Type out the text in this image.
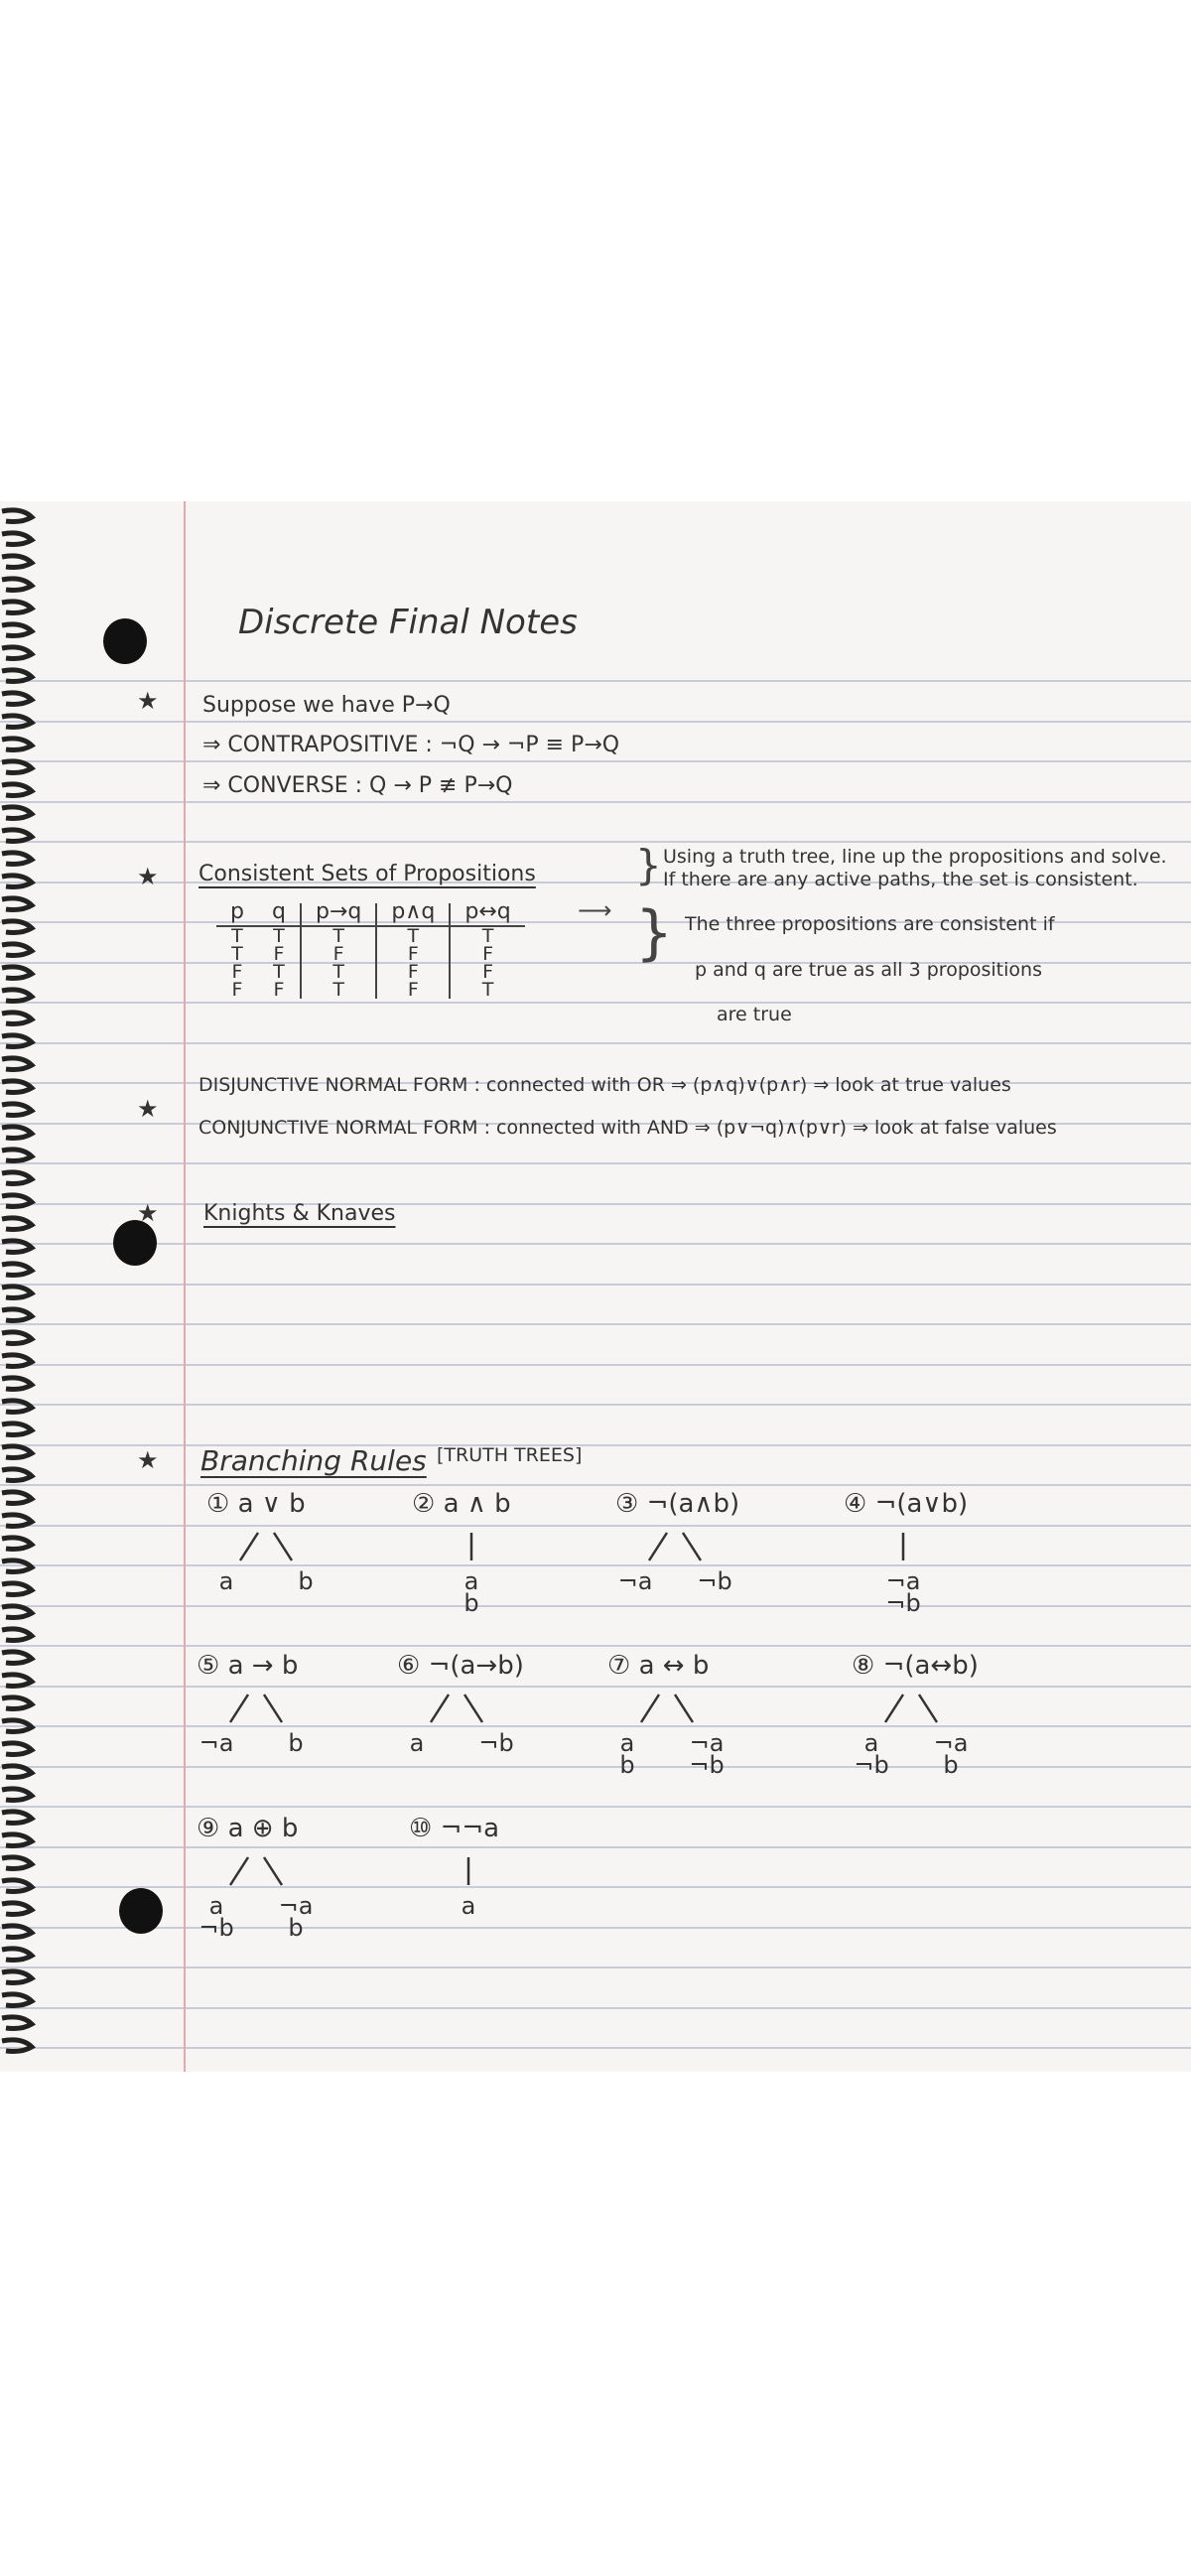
Discrete Final Notes
★ Suppose we have P→Q
⇒ CONTRAPOSITIVE : ¬Q → ¬P ≡ P→Q
⇒ CONVERSE : Q → P ≢ P→Q
★ Consistent Sets of Propositions } Using a truth tree, line up the propositions and solve.
If there are any active paths, the set is consistent.
p	q	p→q	p∧q	p↔q
T	T	T	T	T
T	F	F	F	F
F	T	T	F	F
F	F	T	F	T
⟶ } The three propositions are consistent if
p and q are true as all 3 propositions
are true
★
DISJUNCTIVE NORMAL FORM : connected with OR ⇒ (p∧q)∨(p∧r) ⇒ look at true values
CONJUNCTIVE NORMAL FORM : connected with AND ⇒ (p∨¬q)∧(p∨r) ⇒ look at false values
★ Knights & Knaves
★ Branching Rules [TRUTH TREES]
① a ∨ b
a	b
② a ∧ b
a
b
③ ¬(a∧b)
¬a	¬b
④ ¬(a∨b)
¬a
¬b
⑤ a → b
¬a	b
⑥ ¬(a→b)
a	¬b
⑦ a ↔ b
a
b
¬a
¬b
⑧ ¬(a↔b)
a
¬b
¬a
b
⑨ a ⊕ b
a
¬b
¬a
b
⑩ ¬¬a
a
